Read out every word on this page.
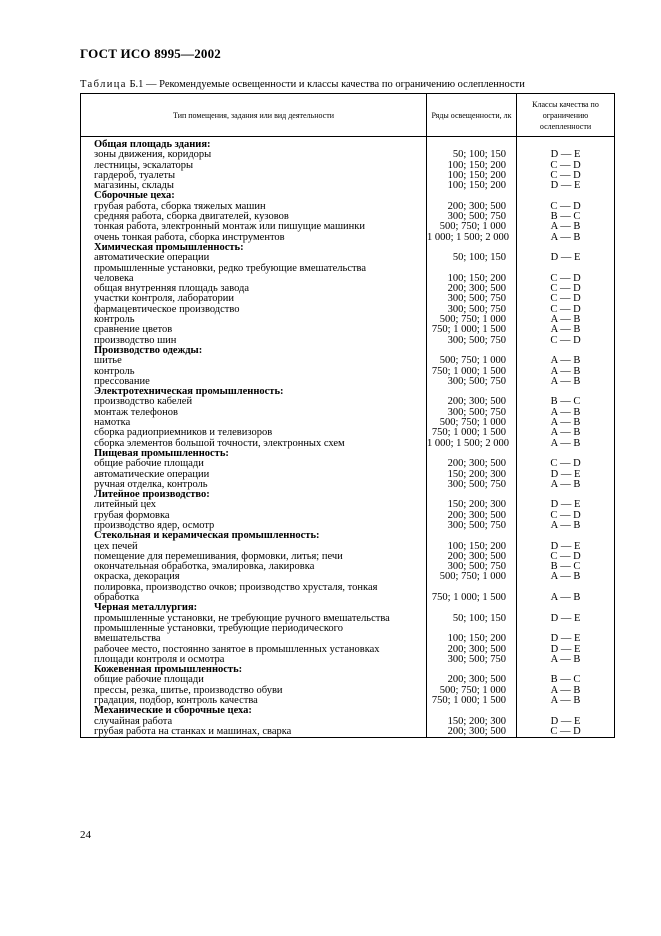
ГОСТ ИСО 8995—2002
Таблица Б.1 — Рекомендуемые освещенности и классы качества по ограничению ослепленности
Тип помещения, задания или вид деятельности	Ряды освещенности, лк	Классы качества по ограничению ослепленности

Общая площадь здания:		
зоны движения, коридоры	50; 100; 150	D — E
лестницы, эскалаторы	100; 150; 200	C — D
гардероб, туалеты	100; 150; 200	C — D
магазины, склады	100; 150; 200	D — E
Сборочные цеха:		
грубая работа, сборка тяжелых машин	200; 300; 500	C — D
средняя работа, сборка двигателей, кузовов	300; 500; 750	B — C
тонкая работа, электронный монтаж или пишущие машинки	500; 750; 1 000	A — B
очень тонкая работа, сборка инструментов	1 000; 1 500; 2 000	A — B
Химическая промышленность:		
автоматические операции	50; 100; 150	D — E
промышленные установки, редко требующие вмешательства		
человека	100; 150; 200	C — D
общая внутренняя площадь завода	200; 300; 500	C — D
участки контроля, лаборатории	300; 500; 750	C — D
фармацевтическое производство	300; 500; 750	C — D
контроль	500; 750; 1 000	A — B
сравнение цветов	750; 1 000; 1 500	A — B
производство шин	300; 500; 750	C — D
Производство одежды:		
шитье	500; 750; 1 000	A — B
контроль	750; 1 000; 1 500	A — B
прессование	300; 500; 750	A — B
Электротехническая промышленность:		
производство кабелей	200; 300; 500	B — C
монтаж телефонов	300; 500; 750	A — B
намотка	500; 750; 1 000	A — B
сборка радиоприемников и телевизоров	750; 1 000; 1 500	A — B
сборка элементов большой точности, электронных схем	1 000; 1 500; 2 000	A — B
Пищевая промышленность:		
общие рабочие площади	200; 300; 500	C — D
автоматические операции	150; 200; 300	D — E
ручная отделка, контроль	300; 500; 750	A — B
Литейное производство:		
литейный цех	150; 200; 300	D — E
грубая формовка	200; 300; 500	C — D
производство ядер, осмотр	300; 500; 750	A — B
Стекольная и керамическая промышленность:		
цех печей	100; 150; 200	D — E
помещение для перемешивания, формовки, литья; печи	200; 300; 500	C — D
окончательная обработка, эмалировка, лакировка	300; 500; 750	B — C
окраска, декорация	500; 750; 1 000	A — B
полировка, производство очков; производство хрусталя, тонкая		
обработка	750; 1 000; 1 500	A — B
Черная металлургия:		
промышленные установки, не требующие ручного вмешательства	50; 100; 150	D — E
промышленные установки, требующие периодического		
вмешательства	100; 150; 200	D — E
рабочее место, постоянно занятое в промышленных установках	200; 300; 500	D — E
площади контроля и осмотра	300; 500; 750	A — B
Кожевенная промышленность:		
общие рабочие площади	200; 300; 500	B — C
прессы, резка, шитье, производство обуви	500; 750; 1 000	A — B
градация, подбор, контроль качества	750; 1 000; 1 500	A — B
Механические и сборочные цеха:		
случайная работа	150; 200; 300	D — E
грубая работа на станках и машинах, сварка	200; 300; 500	C — D
24
